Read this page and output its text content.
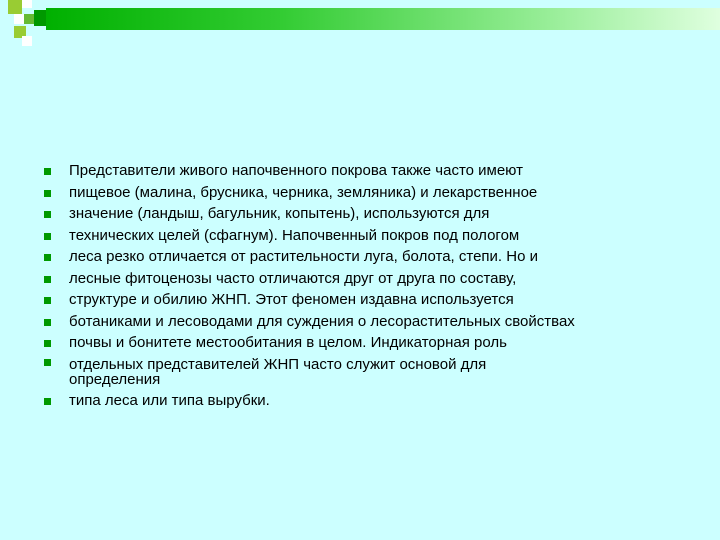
Представители живого напочвенного покрова также часто имеют
пищевое (малина, брусника, черника, земляника) и лекарственное
значение (ландыш, багульник, копытень), используются для
технических целей (сфагнум). Напочвенный покров под пологом
леса резко отличается от растительности луга, болота, степи. Но и
лесные фитоценозы часто отличаются друг от друга по составу,
структуре и обилию ЖНП. Этот феномен издавна используется
ботаниками и лесоводами для суждения о лесорастительных свойствах
почвы и бонитете местообитания в целом. Индикаторная роль
отдельных представителей ЖНП часто служит основой для
определения
типа леса или типа вырубки.
